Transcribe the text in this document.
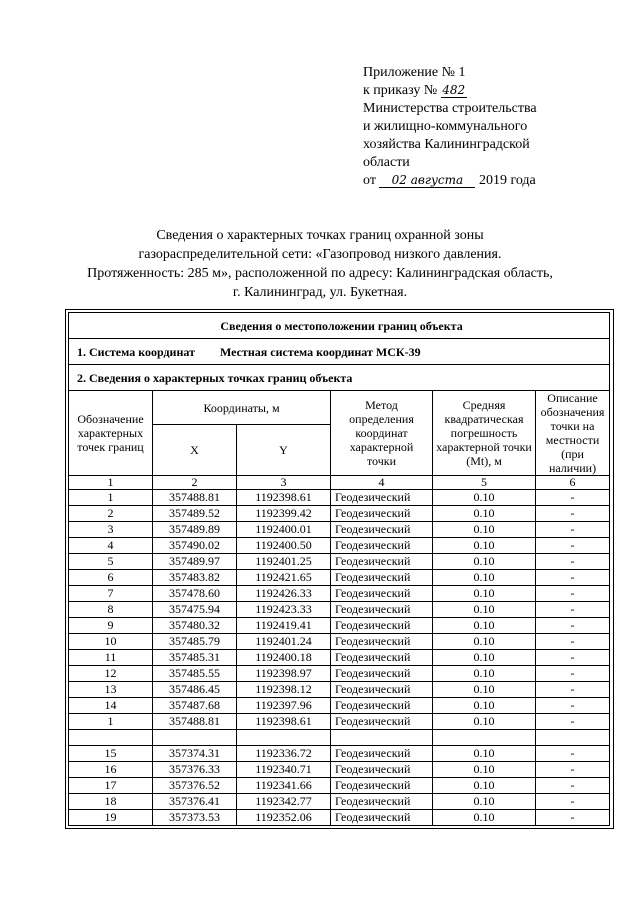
Приложение № 1
к приказу № 482
Министерства строительства
и жилищно-коммунального
хозяйства Калининградской
области
от 02 августа 2019 года
Сведения о характерных точках границ охранной зоны
газораспределительной сети: «Газопровод низкого давления.
Протяженность: 285 м», расположенной по адресу: Калининградская область,
г. Калининград, ул. Букетная.
Сведения о местоположении границ объекта					
1. Система координат Местная система координат МСК-39					
2. Сведения о характерных точках границ объекта					
Обозначение характерных точек границ	Координаты, м		Метод определения координат характерной точки	Средняя квадратическая погрешность характерной точки (Mt), м	Описание обозначения точки на местности (при наличии)
	X	Y			
1	2	3	4	5	6
1	357488.81	1192398.61	Геодезический	0.10	-
2	357489.52	1192399.42	Геодезический	0.10	-
3	357489.89	1192400.01	Геодезический	0.10	-
4	357490.02	1192400.50	Геодезический	0.10	-
5	357489.97	1192401.25	Геодезический	0.10	-
6	357483.82	1192421.65	Геодезический	0.10	-
7	357478.60	1192426.33	Геодезический	0.10	-
8	357475.94	1192423.33	Геодезический	0.10	-
9	357480.32	1192419.41	Геодезический	0.10	-
10	357485.79	1192401.24	Геодезический	0.10	-
11	357485.31	1192400.18	Геодезический	0.10	-
12	357485.55	1192398.97	Геодезический	0.10	-
13	357486.45	1192398.12	Геодезический	0.10	-
14	357487.68	1192397.96	Геодезический	0.10	-
1	357488.81	1192398.61	Геодезический	0.10	-

15	357374.31	1192336.72	Геодезический	0.10	-
16	357376.33	1192340.71	Геодезический	0.10	-
17	357376.52	1192341.66	Геодезический	0.10	-
18	357376.41	1192342.77	Геодезический	0.10	-
19	357373.53	1192352.06	Геодезический	0.10	-
